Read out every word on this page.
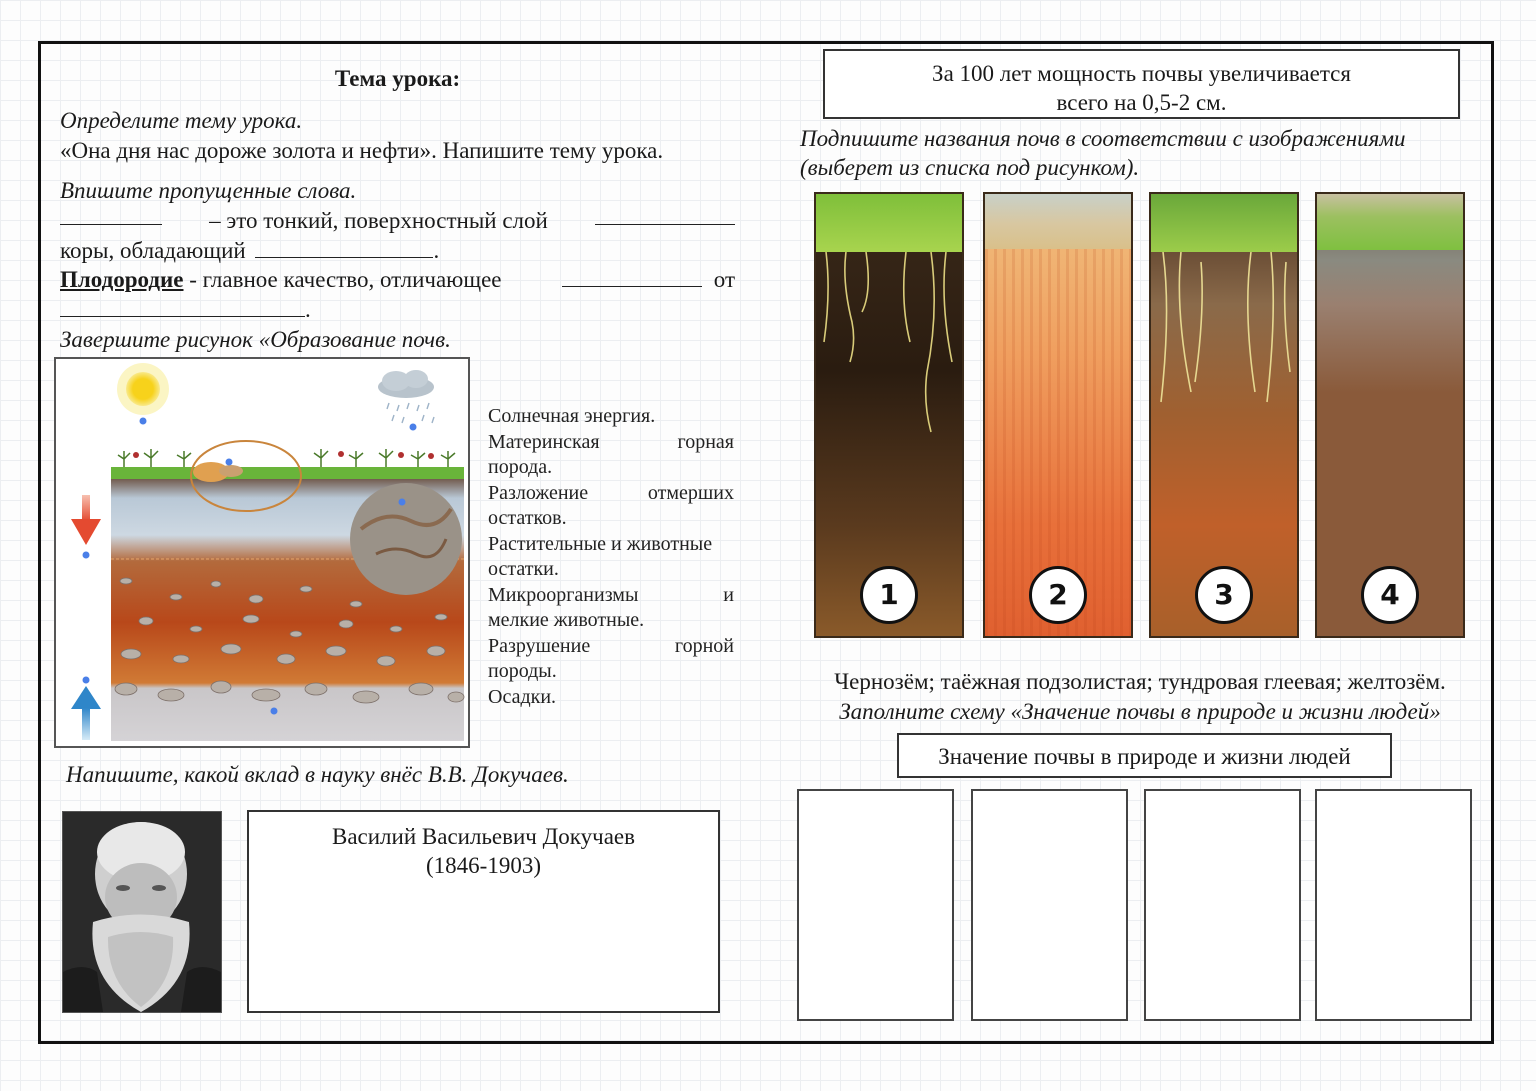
Тема урока:
Определите тему урока.
«Она дня нас дороже золота и нефти». Напишите тему урока.
Впишите пропущенные слова.
– это тонкий, поверхностный слой
коры, обладающий	.
Плодородие - главное качество, отличающее	от
.
Завершите рисунок «Образование почв.
Солнечная энергия.
Материнская	горная
порода.
Разложение	отмерших
остатков.
Растительные и животные
остатки.
Микроорганизмы	и
мелкие животные.
Разрушение	горной
породы.
Осадки.
Напишите, какой вклад в науку внёс В.В. Докучаев.
Василий Васильевич Докучаев
(1846-1903)
За 100 лет мощность почвы увеличивается
всего на 0,5-2 см.
Подпишите названия почв в соответствии с изображениями
(выберет из списка под рисунком).
1	2	3	4
Чернозём; таёжная подзолистая; тундровая глеевая; желтозём.
Заполните схему «Значение почвы в природе и жизни людей»
Значение почвы в природе и жизни людей
